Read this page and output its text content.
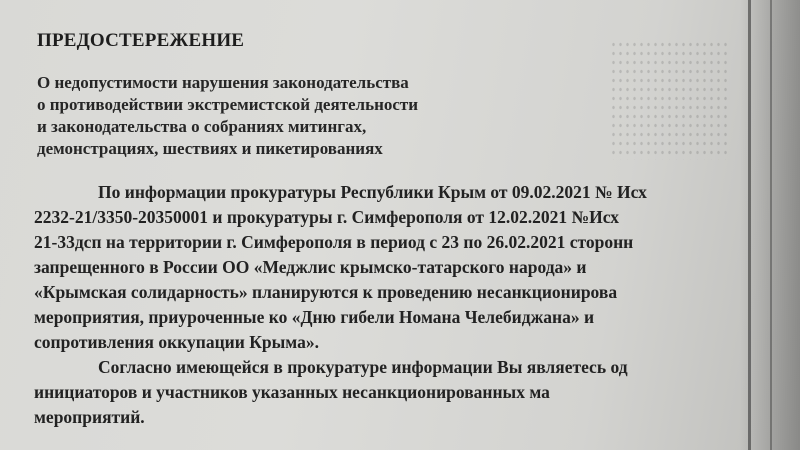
ПРЕДОСТЕРЕЖЕНИЕ
О недопустимости нарушения законодательства
о противодействии экстремистской деятельности
и законодательства о собраниях митингах,
демонстрациях, шествиях и пикетированиях
По информации прокуратуры Республики Крым от 09.02.2021 № Исх
2232-21/3350-20350001 и прокуратуры г. Симферополя от 12.02.2021 №Исх
21-33дсп на территории г. Симферополя в период с 23 по 26.02.2021 сторонн
запрещенного в России ОО «Меджлис крымско-татарского народа» и
«Крымская солидарность» планируются к проведению несанкционирова
мероприятия, приуроченные ко «Дню гибели Номана Челебиджана» и
сопротивления оккупации Крыма».
Согласно имеющейся в прокуратуре информации Вы являетесь од
инициаторов и участников указанных несанкционированных ма
мероприятий.
